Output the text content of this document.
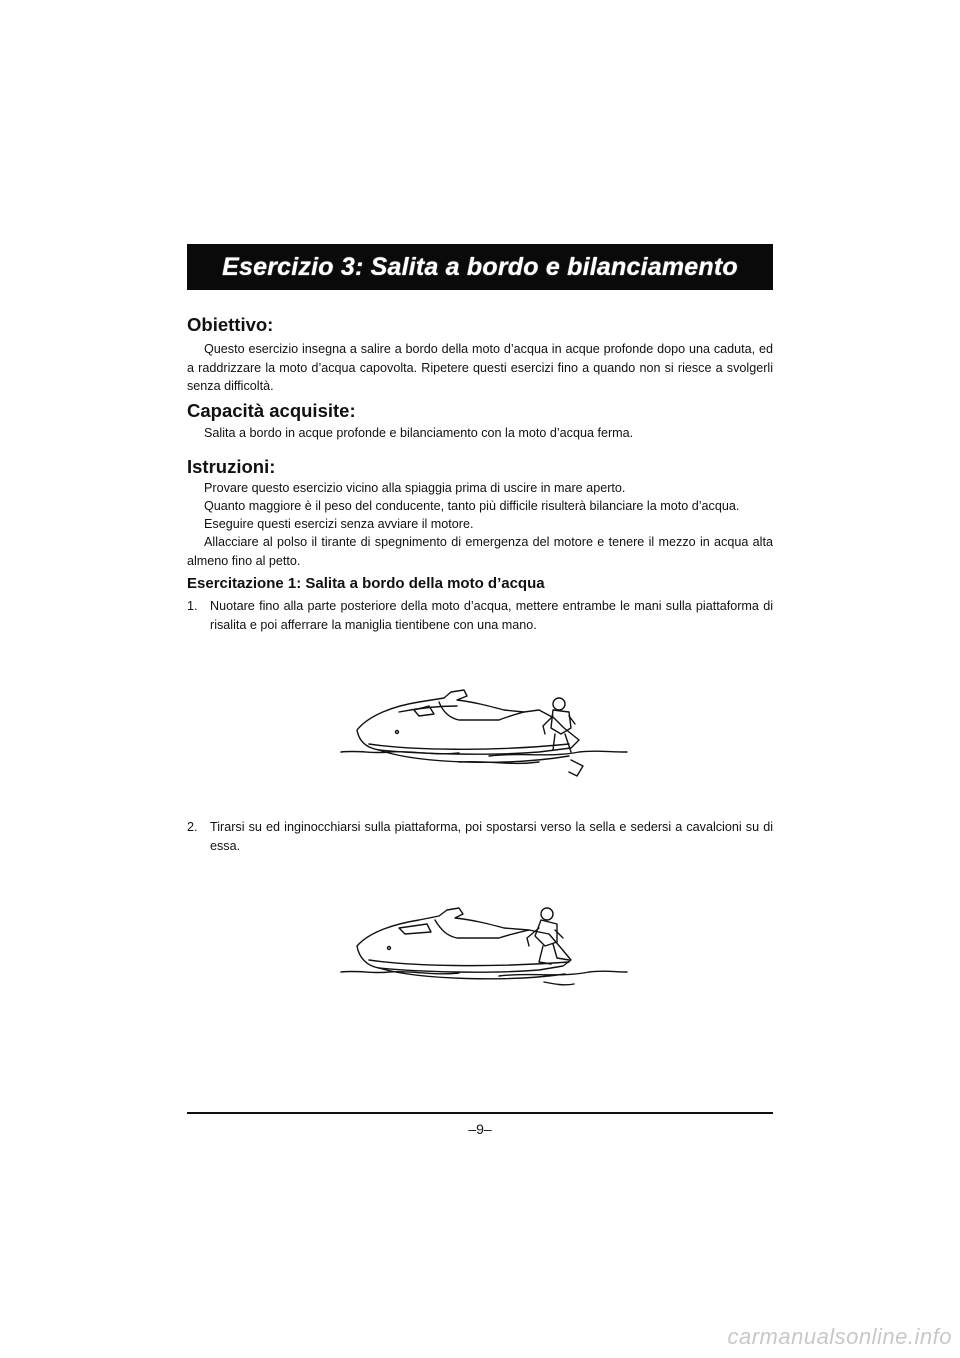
Esercizio 3: Salita a bordo e bilanciamento
Obiettivo:

Questo esercizio insegna a salire a bordo della moto d’acqua in acque profonde dopo una caduta, ed a raddrizzare la moto d’acqua capovolta. Ripetere questi esercizi fino a quando non si riesce a svolgerli senza difficoltà.

Capacità acquisite:

Salita a bordo in acque profonde e bilanciamento con la moto d’acqua ferma.

Istruzioni:

Provare questo esercizio vicino alla spiaggia prima di uscire in mare aperto.

Quanto maggiore è il peso del conducente, tanto più difficile risulterà bilanciare la moto d’acqua.

Eseguire questi esercizi senza avviare il motore.

Allacciare al polso il tirante di spegnimento di emergenza del motore e tenere il mezzo in acqua alta almeno fino al petto.

Esercitazione 1: Salita a bordo della moto d’acqua
1. Nuotare fino alla parte posteriore della moto d’acqua, mettere entrambe le mani sulla piattaforma di risalita e poi afferrare la maniglia tientibene con una mano.
2. Tirarsi su ed inginocchiarsi sulla piattaforma, poi spostarsi verso la sella e sedersi a cavalcioni su di essa.
–9–
carmanualsonline.info
